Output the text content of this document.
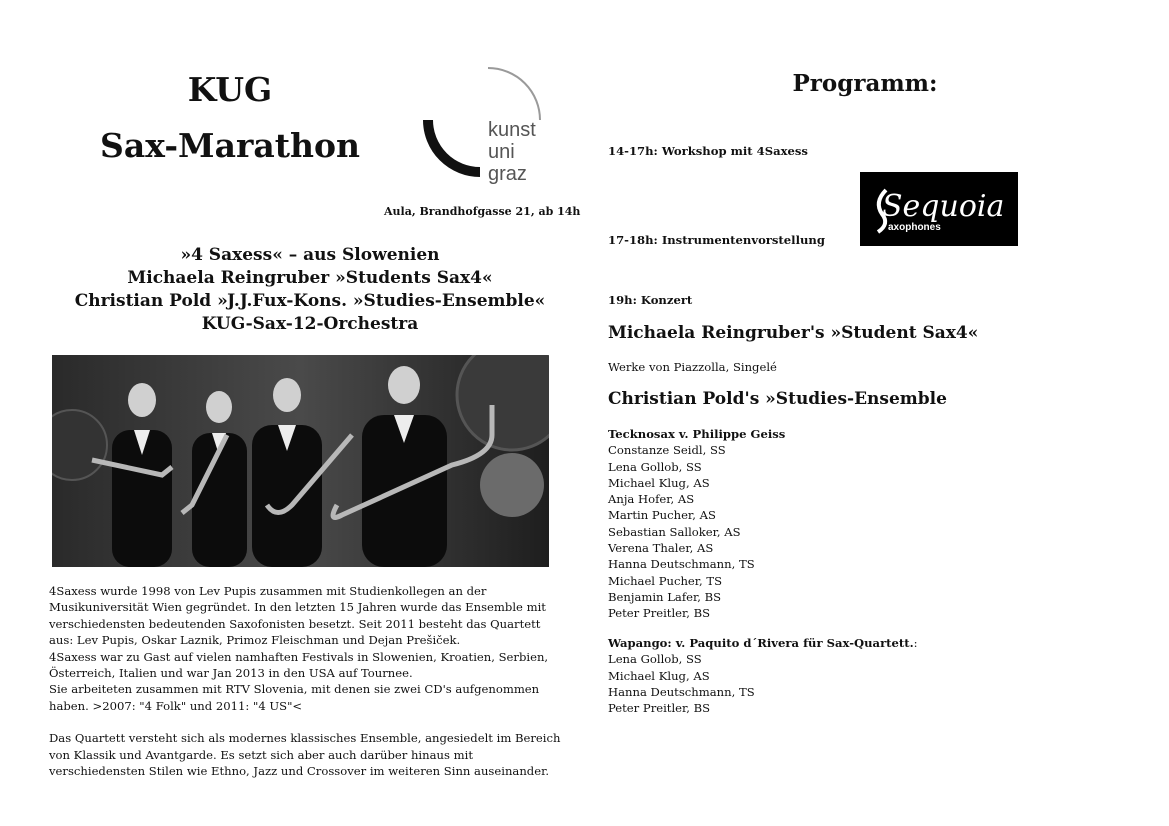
KUG
Sax-Marathon	kunst
uni
graz
Aula, Brandhofgasse 21, ab 14h
»4 Saxess« – aus Slowenien
Michaela Reingruber »Students Sax4«
Christian Pold »J.J.Fux-Kons. »Studies-Ensemble«
KUG-Sax-12-Orchestra

4Saxess wurde 1998 von Lev Pupis zusammen mit Studienkollegen an der

Musikuniversität Wien gegründet. In den letzten 15 Jahren wurde das Ensemble mit

verschiedensten bedeutenden Saxofonisten besetzt. Seit 2011 besteht das Quartett

aus: Lev Pupis, Oskar Laznik, Primoz Fleischman und Dejan Prešiček.

4Saxess war zu Gast auf vielen namhaften Festivals in Slowenien, Kroatien, Serbien,

Österreich, Italien und war Jan 2013 in den USA auf Tournee.

Sie arbeiteten zusammen mit RTV Slovenia, mit denen sie zwei CD's aufgenommen

haben. >2007: "4 Folk" und 2011: "4 US"<

Das Quartett versteht sich als modernes klassisches Ensemble, angesiedelt im Bereich

von Klassik und Avantgarde. Es setzt sich aber auch darüber hinaus mit

verschiedensten Stilen wie Ethno, Jazz und Crossover im weiteren Sinn auseinander.

Programm:
14-17h: Workshop mit 4Saxess
Sequoia
axophones
17-18h: Instrumentenvorstellung
19h: Konzert
Michaela Reingruber's »Student Sax4«
Werke von Piazzolla, Singelé
Christian Pold's »Studies-Ensemble
Tecknosax v. Philippe Geiss
Constanze Seidl, SS
Lena Gollob, SS
Michael Klug, AS
Anja Hofer, AS
Martin Pucher, AS
Sebastian Salloker, AS
Verena Thaler, AS
Hanna Deutschmann, TS
Michael Pucher, TS
Benjamin Lafer, BS
Peter Preitler, BS
Wapango: v. Paquito d´Rivera für Sax-Quartett.:
Lena Gollob, SS
Michael Klug, AS
Hanna Deutschmann, TS
Peter Preitler, BS
